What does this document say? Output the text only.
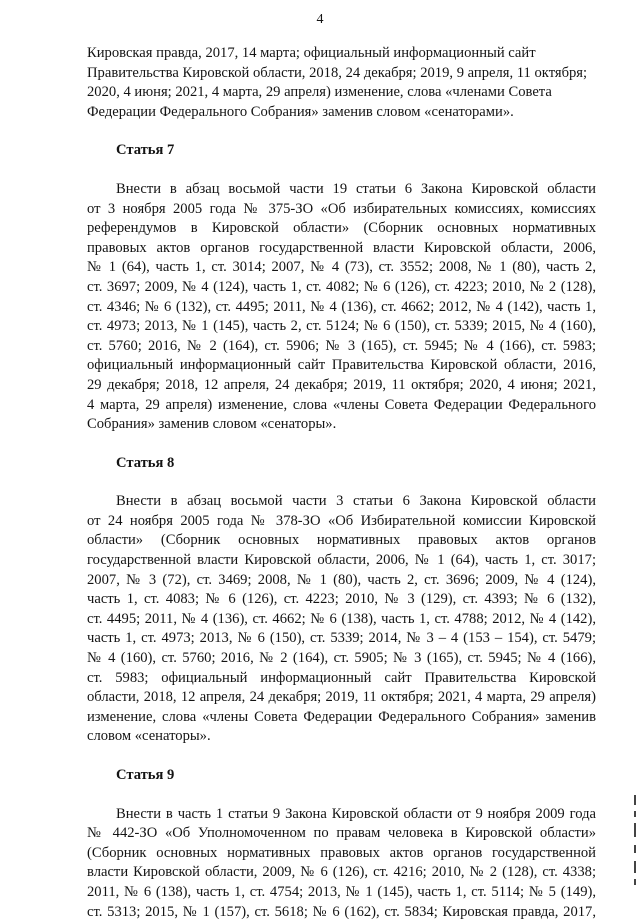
4

Кировская правда, 2017, 14 марта; официальный информационный сайт
Правительства Кировской области, 2018, 24 декабря; 2019, 9 апреля, 11 октября;
2020, 4 июня; 2021, 4 марта, 29 апреля) изменение, слова «членами Совета
Федерации Федерального Собрания» заменив словом «сенаторами».

Статья 7

Внести в абзац восьмой части 19 статьи 6 Закона Кировской области
от 3 ноября 2005 года № 375-ЗО «Об избирательных комиссиях, комиссиях
референдумов в Кировской области» (Сборник основных нормативных
правовых актов органов государственной власти Кировской области, 2006,
№ 1 (64), часть 1, ст. 3014; 2007, № 4 (73), ст. 3552; 2008, № 1 (80), часть 2,
ст. 3697; 2009, № 4 (124), часть 1, ст. 4082; № 6 (126), ст. 4223; 2010, № 2 (128),
ст. 4346; № 6 (132), ст. 4495; 2011, № 4 (136), ст. 4662; 2012, № 4 (142), часть 1,
ст. 4973; 2013, № 1 (145), часть 2, ст. 5124; № 6 (150), ст. 5339; 2015, № 4 (160),
ст. 5760; 2016, № 2 (164), ст. 5906; № 3 (165), ст. 5945; № 4 (166), ст. 5983;
официальный информационный сайт Правительства Кировской области, 2016,
29 декабря; 2018, 12 апреля, 24 декабря; 2019, 11 октября; 2020, 4 июня; 2021,
4 марта, 29 апреля) изменение, слова «члены Совета Федерации Федерального
Собрания» заменив словом «сенаторы».

Статья 8

Внести в абзац восьмой части 3 статьи 6 Закона Кировской области
от 24 ноября 2005 года № 378-ЗО «Об Избирательной комиссии Кировской
области» (Сборник основных нормативных правовых актов органов
государственной власти Кировской области, 2006, № 1 (64), часть 1, ст. 3017;
2007, № 3 (72), ст. 3469; 2008, № 1 (80), часть 2, ст. 3696; 2009, № 4 (124),
часть 1, ст. 4083; № 6 (126), ст. 4223; 2010, № 3 (129), ст. 4393; № 6 (132),
ст. 4495; 2011, № 4 (136), ст. 4662; № 6 (138), часть 1, ст. 4788; 2012, № 4 (142),
часть 1, ст. 4973; 2013, № 6 (150), ст. 5339; 2014, № 3 – 4 (153 – 154), ст. 5479;
№ 4 (160), ст. 5760; 2016, № 2 (164), ст. 5905; № 3 (165), ст. 5945; № 4 (166),
ст. 5983; официальный информационный сайт Правительства Кировской
области, 2018, 12 апреля, 24 декабря; 2019, 11 октября; 2021, 4 марта, 29 апреля)
изменение, слова «члены Совета Федерации Федерального Собрания» заменив
словом «сенаторы».

Статья 9

Внести в часть 1 статьи 9 Закона Кировской области от 9 ноября 2009 года
№ 442-ЗО «Об Уполномоченном по правам человека в Кировской области»
(Сборник основных нормативных правовых актов органов государственной
власти Кировской области, 2009, № 6 (126), ст. 4216; 2010, № 2 (128), ст. 4338;
2011, № 6 (138), часть 1, ст. 4754; 2013, № 1 (145), часть 1, ст. 5114; № 5 (149),
ст. 5313; 2015, № 1 (157), ст. 5618; № 6 (162), ст. 5834; Кировская правда, 2017,
